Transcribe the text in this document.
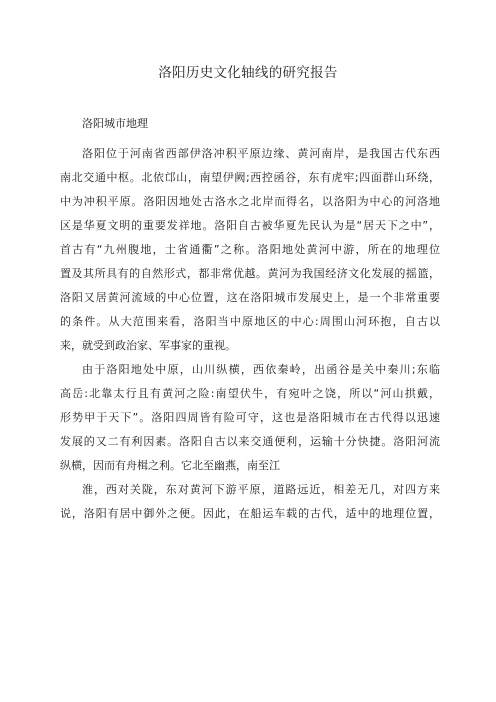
洛阳历史文化轴线的研究报告
洛阳城市地理
洛阳位于河南省西部伊洛冲积平原边缘、黄河南岸，是我国古代东西
南北交通中枢。北依邙山，南望伊阙;西控函谷，东有虎牢;四面群山环绕，
中为冲积平原。洛阳因地处古洛水之北岸而得名，以洛阳为中心的河洛地
区是华夏文明的重要发祥地。洛阳自古被华夏先民认为是“居天下之中”，
首古有“九州腹地，士省通衢”之称。洛阳地处黄河中游，所在的地理位
置及其所具有的自然形式，都非常优越。黄河为我国经济文化发展的摇篮，
洛阳又居黄河流域的中心位置，这在洛阳城市发展史上，是一个非常重要
的条件。从大范围来看，洛阳当中原地区的中心:周围山河环抱，自古以
来，就受到政治家、军事家的重视。
由于洛阳地处中原，山川纵横，西依秦岭，出函谷是关中秦川;东临
高岳:北靠太行且有黄河之险:南望伏牛，有宛叶之饶，所以“河山拱戴，
形势甲于天下”。洛阳四周皆有险可守，这也是洛阳城市在古代得以迅速
发展的又二有利因素。洛阳自古以来交通便利，运输十分快捷。洛阳河流
纵横，因而有舟楫之利。它北至幽燕，南至江
淮，西对关陇，东对黄河下游平原，道路远近，相差无几，对四方来
说，洛阳有居中御外之便。因此，在船运车载的古代，适中的地理位置，
